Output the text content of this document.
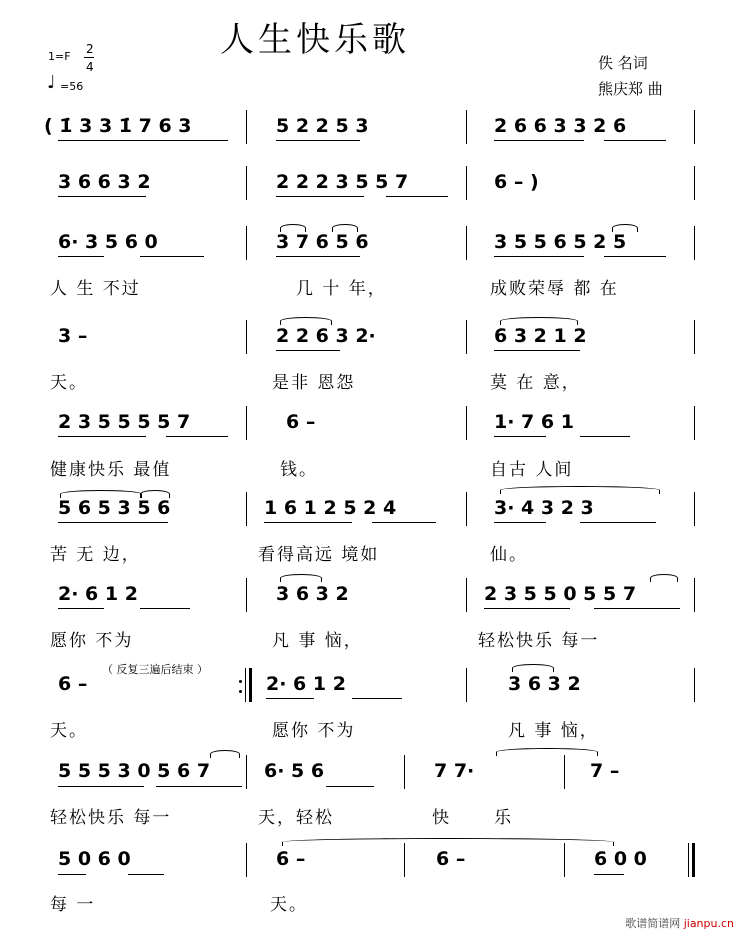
人生快乐歌
1=F
2
4
♩ =56
佚 名词
熊庆郑 曲
( 1̇ 3 3 1̇ 7 6 3	5 2 2 5 3	2 6 6 3 3 2 6
3 6 6 3 2	2 2 2 3 5 5 7	6 – )
6· 3 5 6 0	3 7 6 5 6	3 5 5 6 5 2 5
人 生 不过	几 十 年，	成败荣辱 都 在
3 –	2 2 6 3 2·	6 3 2 1 2
天。	是非 恩怨	莫 在 意，
2 3 5 5 5 5 7	6 –	1· 7 6 1
健康快乐 最值	钱。	自古 人间
5 6 5 3 5 6	1 6 1 2 5 2 4	3· 4 3 2 3
苦 无 边，	看得高远 境如	仙。
2· 6 1 2	3 6 3 2	2 3 5 5 0 5 5 7
愿你 不为	凡 事 恼，	轻松快乐 每一
（ 反复三遍后结束 ）
6 –	2· 6 1 2	3 6 3 2
天。	愿你 不为	凡 事 恼，
5 5 5 3 0 5 6 7	6· 5 6	7 7·	7 –
轻松快乐 每一	天，轻松	快	乐
5 0 6 0	6 –	6 –	6 0 0
每 一	天。
歌谱简谱网 jianpu.cn
